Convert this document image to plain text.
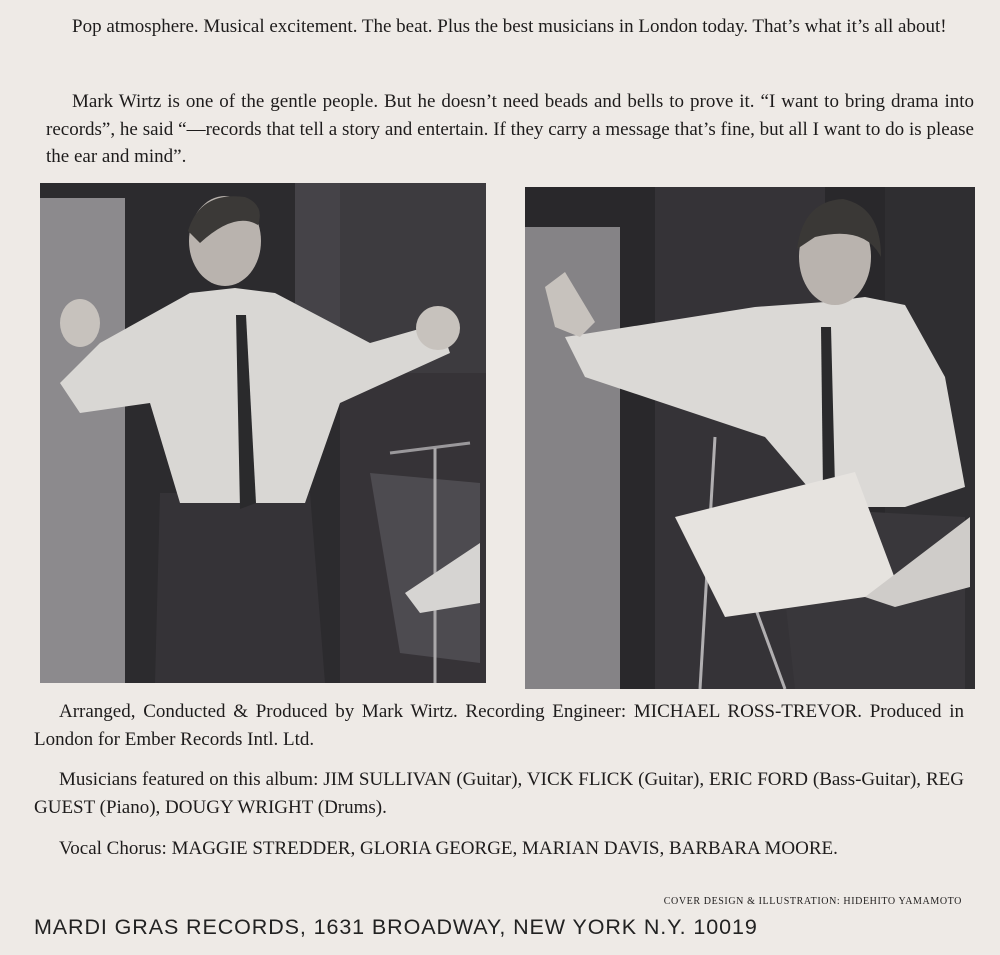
Pop atmosphere. Musical excitement. The beat. Plus the best musicians in London today. That’s what it’s all about!

Mark Wirtz is one of the gentle people. But he doesn’t need beads and bells to prove it. “I want to bring drama into records”, he said “—records that tell a story and entertain. If they carry a message that’s fine, but all I want to do is please the ear and mind”.

Arranged, Conducted & Produced by Mark Wirtz. Recording Engineer: MICHAEL ROSS-TREVOR. Produced in London for Ember Records Intl. Ltd.

Musicians featured on this album: JIM SULLIVAN (Guitar), VICK FLICK (Guitar), ERIC FORD (Bass-Guitar), REG GUEST (Piano), DOUGY WRIGHT (Drums).

Vocal Chorus: MAGGIE STREDDER, GLORIA GEORGE, MARIAN DAVIS, BARBARA MOORE.

COVER DESIGN & ILLUSTRATION: HIDEHITO YAMAMOTO
MARDI GRAS RECORDS, 1631 BROADWAY, NEW YORK N.Y. 10019
